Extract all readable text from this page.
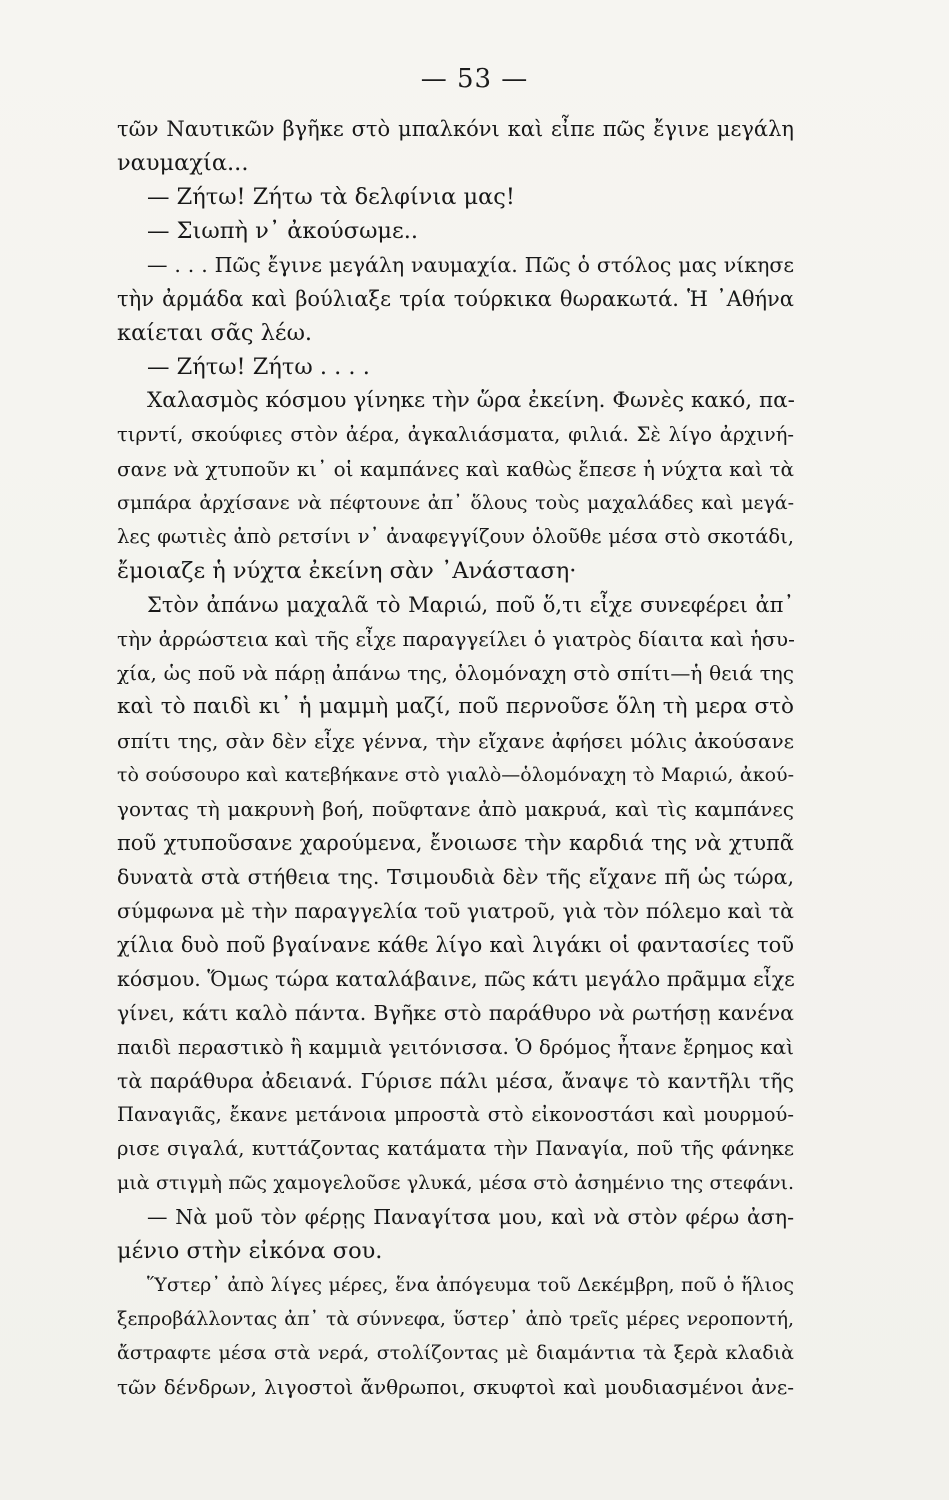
— 53 —
τῶν Ναυτικῶν βγῆκε στὸ μπαλκόνι καὶ εἶπε πῶς ἔγινε μεγάλη
ναυμαχία...
— Ζήτω! Ζήτω τὰ δελφίνια μας!
— Σιωπὴ ν᾿ ἀκούσωμε..
— . . . Πῶς ἔγινε μεγάλη ναυμαχία. Πῶς ὁ στόλος μας νίκησε
τὴν ἀρμάδα καὶ βούλιαξε τρία τούρκικα θωρακωτά. Ἡ ᾿Αθήνα
καίεται σᾶς λέω.
— Ζήτω! Ζήτω . . . .
Χαλασμὸς κόσμου γίνηκε τὴν ὥρα ἐκείνη. Φωνὲς κακό, πα-
τιρντί, σκούφιες στὸν ἀέρα, ἀγκαλιάσματα, φιλιά. Σὲ λίγο ἀρχινή-
σανε νὰ χτυποῦν κι᾿ οἱ καμπάνες καὶ καθὼς ἔπεσε ἡ νύχτα καὶ τὰ
σμπάρα ἀρχίσανε νὰ πέφτουνε ἀπ᾿ ὅλους τοὺς μαχαλάδες καὶ μεγά-
λες φωτιὲς ἀπὸ ρετσίνι ν᾿ ἀναφεγγίζουν ὁλοῦθε μέσα στὸ σκοτάδι,
ἔμοιαζε ἡ νύχτα ἐκείνη σὰν ᾿Ανάσταση·
Στὸν ἀπάνω μαχαλᾶ τὸ Μαριώ, ποῦ ὅ,τι εἶχε συνεφέρει ἀπ᾿
τὴν ἀρρώστεια καὶ τῆς εἶχε παραγγείλει ὁ γιατρὸς δίαιτα καὶ ἡσυ-
χία, ὡς ποῦ νὰ πάρῃ ἀπάνω της, ὁλομόναχη στὸ σπίτι—ἡ θειά της
καὶ τὸ παιδὶ κι᾿ ἡ μαμμὴ μαζί, ποῦ περνοῦσε ὅλη τὴ μερα στὸ
σπίτι της, σὰν δὲν εἶχε γέννα, τὴν εἴχανε ἀφήσει μόλις ἀκούσανε
τὸ σούσουρο καὶ κατεβήκανε στὸ γιαλὸ—ὁλομόναχη τὸ Μαριώ, ἀκού-
γοντας τὴ μακρυνὴ βοή, ποῦφτανε ἀπὸ μακρυά, καὶ τὶς καμπάνες
ποῦ χτυποῦσανε χαρούμενα, ἔνοιωσε τὴν καρδιά της νὰ χτυπᾶ
δυνατὰ στὰ στήθεια της. Τσιμουδιὰ δὲν τῆς εἴχανε πῆ ὡς τώρα,
σύμφωνα μὲ τὴν παραγγελία τοῦ γιατροῦ, γιὰ τὸν πόλεμο καὶ τὰ
χίλια δυὸ ποῦ βγαίνανε κάθε λίγο καὶ λιγάκι οἱ φαντασίες τοῦ
κόσμου. Ὅμως τώρα καταλάβαινε, πῶς κάτι μεγάλο πρᾶμμα εἶχε
γίνει, κάτι καλὸ πάντα. Βγῆκε στὸ παράθυρο νὰ ρωτήσῃ κανένα
παιδὶ περαστικὸ ἢ καμμιὰ γειτόνισσα. Ὁ δρόμος ἦτανε ἔρημος καὶ
τὰ παράθυρα ἀδειανά. Γύρισε πάλι μέσα, ἄναψε τὸ καντῆλι τῆς
Παναγιᾶς, ἔκανε μετάνοια μπροστὰ στὸ εἰκονοστάσι καὶ μουρμού-
ρισε σιγαλά, κυττάζοντας κατάματα τὴν Παναγία, ποῦ τῆς φάνηκε
μιὰ στιγμὴ πῶς χαμογελοῦσε γλυκά, μέσα στὸ ἀσημένιο της στεφάνι.
— Νὰ μοῦ τὸν φέρῃς Παναγίτσα μου, καὶ νὰ στὸν φέρω ἀση-
μένιο στὴν εἰκόνα σου.
Ὕστερ᾿ ἀπὸ λίγες μέρες, ἕνα ἀπόγευμα τοῦ Δεκέμβρη, ποῦ ὁ ἥλιος
ξεπροβάλλοντας ἀπ᾿ τὰ σύννεφα, ὕστερ᾿ ἀπὸ τρεῖς μέρες νεροποντή,
ἄστραφτε μέσα στὰ νερά, στολίζοντας μὲ διαμάντια τὰ ξερὰ κλαδιὰ
τῶν δένδρων, λιγοστοὶ ἄνθρωποι, σκυφτοὶ καὶ μουδιασμένοι ἀνε-
